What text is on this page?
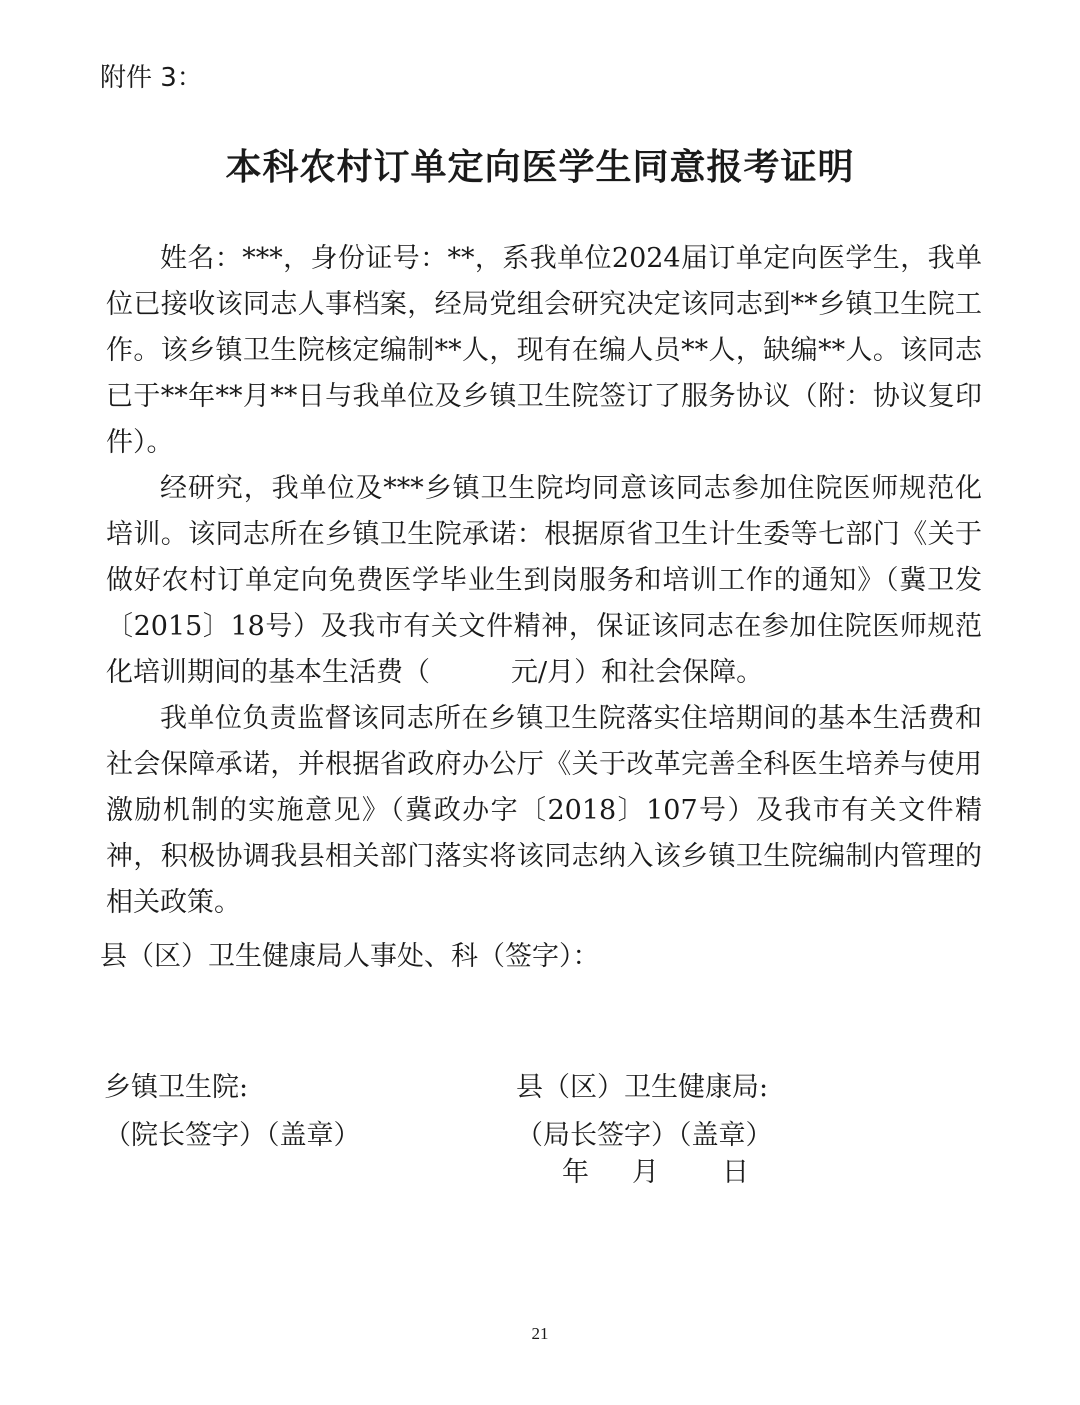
附件 3：
本科农村订单定向医学生同意报考证明

姓名：***，身份证号：**，系我单位2024届订单定向医学生，我单位已接收该同志人事档案，经局党组会研究决定该同志到**乡镇卫生院工作。该乡镇卫生院核定编制**人，现有在编人员**人，缺编**人。该同志已于**年**月**日与我单位及乡镇卫生院签订了服务协议（附：协议复印件）。

经研究，我单位及***乡镇卫生院均同意该同志参加住院医师规范化培训。该同志所在乡镇卫生院承诺：根据原省卫生计生委等七部门《关于做好农村订单定向免费医学毕业生到岗服务和培训工作的通知》（冀卫发〔2015〕18号）及我市有关文件精神，保证该同志在参加住院医师规范化培训期间的基本生活费（　　　元/月）和社会保障。

我单位负责监督该同志所在乡镇卫生院落实住培期间的基本生活费和社会保障承诺，并根据省政府办公厅《关于改革完善全科医生培养与使用激励机制的实施意见》（冀政办字〔2018〕107号）及我市有关文件精神，积极协调我县相关部门落实将该同志纳入该乡镇卫生院编制内管理的相关政策。

县（区）卫生健康局人事处、科（签字）：
乡镇卫生院:
（院长签字）（盖章）
县（区）卫生健康局:
（局长签字）（盖章）
年 月 日
21
